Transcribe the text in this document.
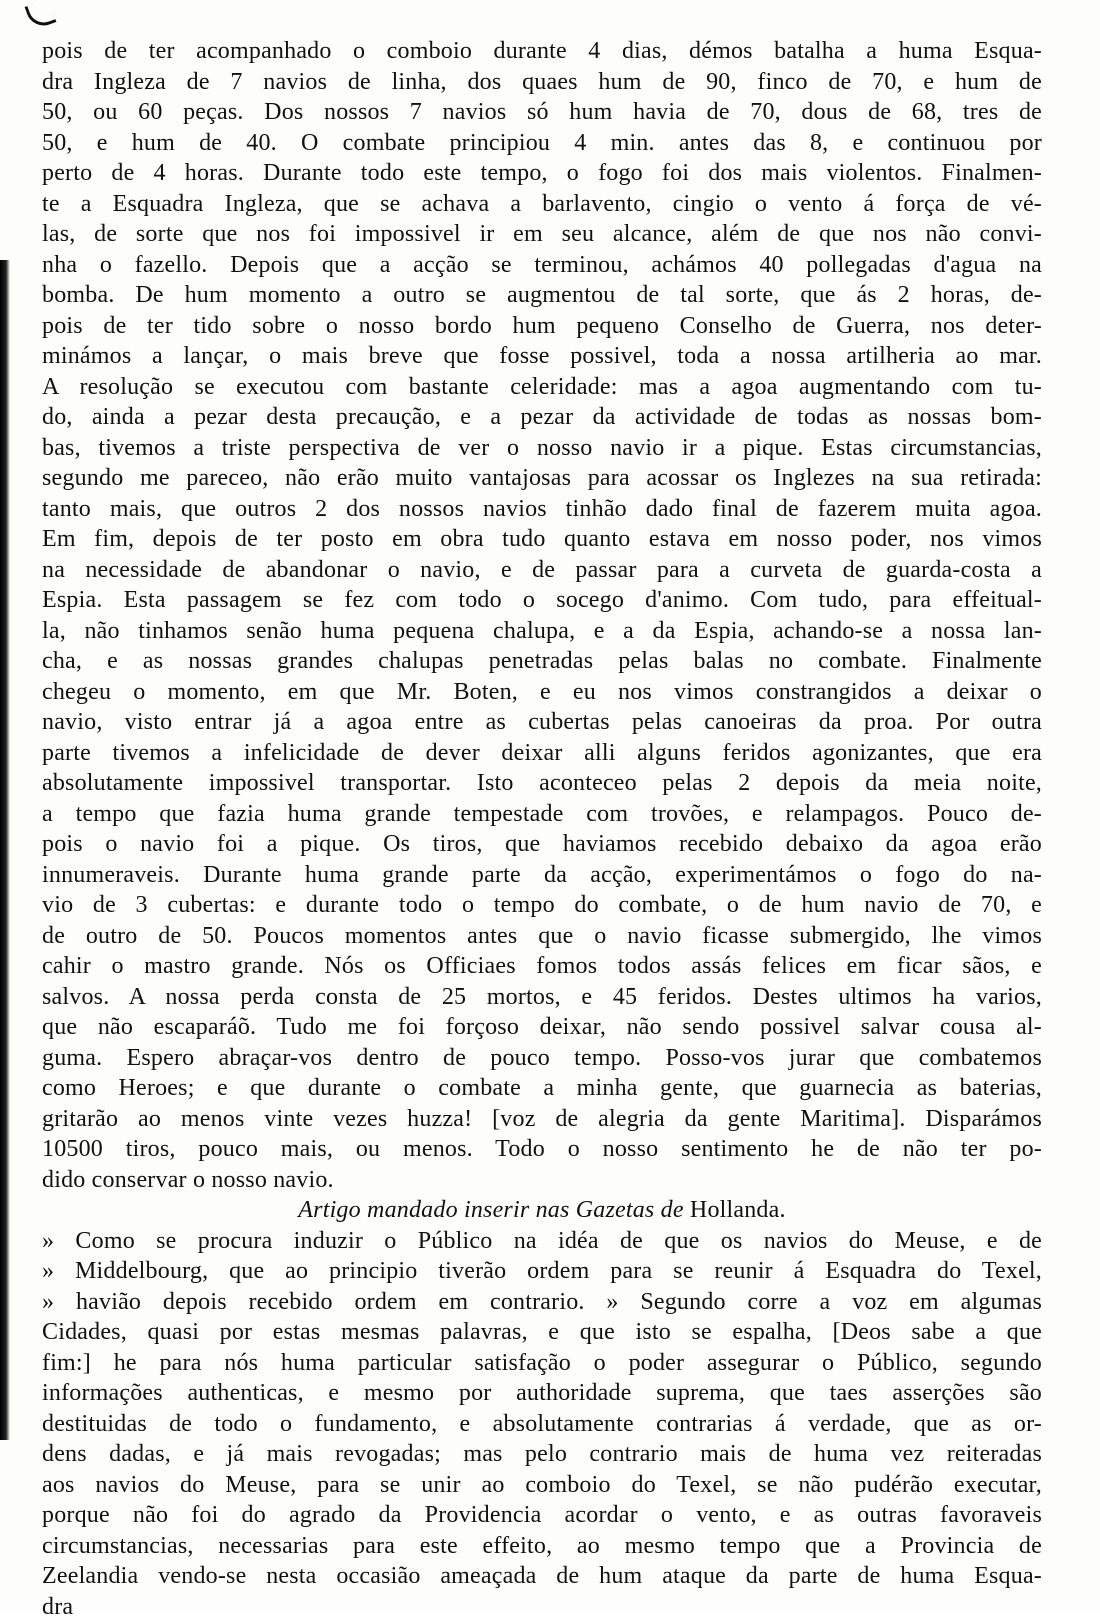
pois de ter acompanhado o comboio durante 4 dias, démos batalha a huma Esqua-
dra Ingleza de 7 navios de linha, dos quaes hum de 90, finco de 70, e hum de
50, ou 60 peças. Dos nossos 7 navios só hum havia de 70, dous de 68, tres de
50, e hum de 40. O combate principiou 4 min. antes das 8, e continuou por
perto de 4 horas. Durante todo este tempo, o fogo foi dos mais violentos. Finalmen-
te a Esquadra Ingleza, que se achava a barlavento, cingio o vento á força de vé-
las, de sorte que nos foi impossivel ir em seu alcance, além de que nos não convi-
nha o fazello. Depois que a acção se terminou, achámos 40 pollegadas d'agua na
bomba. De hum momento a outro se augmentou de tal sorte, que ás 2 horas, de-
pois de ter tido sobre o nosso bordo hum pequeno Conselho de Guerra, nos deter-
minámos a lançar, o mais breve que fosse possivel, toda a nossa artilheria ao mar.
A resolução se executou com bastante celeridade: mas a agoa augmentando com tu-
do, ainda a pezar desta precaução, e a pezar da actividade de todas as nossas bom-
bas, tivemos a triste perspectiva de ver o nosso navio ir a pique. Estas circumstancias,
segundo me pareceo, não erão muito vantajosas para acossar os Inglezes na sua retirada:
tanto mais, que outros 2 dos nossos navios tinhão dado final de fazerem muita agoa.
Em fim, depois de ter posto em obra tudo quanto estava em nosso poder, nos vimos
na necessidade de abandonar o navio, e de passar para a curveta de guarda-costa a
Espia. Esta passagem se fez com todo o socego d'animo. Com tudo, para effeitual-
la, não tinhamos senão huma pequena chalupa, e a da Espia, achando-se a nossa lan-
cha, e as nossas grandes chalupas penetradas pelas balas no combate. Finalmente
chegeu o momento, em que Mr. Boten, e eu nos vimos constrangidos a deixar o
navio, visto entrar já a agoa entre as cubertas pelas canoeiras da proa. Por outra
parte tivemos a infelicidade de dever deixar alli alguns feridos agonizantes, que era
absolutamente impossivel transportar. Isto aconteceo pelas 2 depois da meia noite,
a tempo que fazia huma grande tempestade com trovões, e relampagos. Pouco de-
pois o navio foi a pique. Os tiros, que haviamos recebido debaixo da agoa erão
innumeraveis. Durante huma grande parte da acção, experimentámos o fogo do na-
vio de 3 cubertas: e durante todo o tempo do combate, o de hum navio de 70, e
de outro de 50. Poucos momentos antes que o navio ficasse submergido, lhe vimos
cahir o mastro grande. Nós os Officiaes fomos todos assás felices em ficar sãos, e
salvos. A nossa perda consta de 25 mortos, e 45 feridos. Destes ultimos ha varios,
que não escaparáõ. Tudo me foi forçoso deixar, não sendo possivel salvar cousa al-
guma. Espero abraçar-vos dentro de pouco tempo. Posso-vos jurar que combatemos
como Heroes; e que durante o combate a minha gente, que guarnecia as baterias,
gritarão ao menos vinte vezes huzza! [voz de alegria da gente Maritima]. Disparámos
10500 tiros, pouco mais, ou menos. Todo o nosso sentimento he de não ter po-
dido conservar o nosso navio.
Artigo mandado inserir nas Gazetas de Hollanda.
» Como se procura induzir o Público na idéa de que os navios do Meuse, e de
» Middelbourg, que ao principio tiverão ordem para se reunir á Esquadra do Texel,
» havião depois recebido ordem em contrario. » Segundo corre a voz em algumas
Cidades, quasi por estas mesmas palavras, e que isto se espalha, [Deos sabe a que
fim:] he para nós huma particular satisfação o poder assegurar o Público, segundo
informações authenticas, e mesmo por authoridade suprema, que taes asserções são
destituidas de todo o fundamento, e absolutamente contrarias á verdade, que as or-
dens dadas, e já mais revogadas; mas pelo contrario mais de huma vez reiteradas
aos navios do Meuse, para se unir ao comboio do Texel, se não pudérão executar,
porque não foi do agrado da Providencia acordar o vento, e as outras favoraveis
circumstancias, necessarias para este effeito, ao mesmo tempo que a Provincia de
Zeelandia vendo-se nesta occasião ameaçada de hum ataque da parte de huma Esqua-
dra
